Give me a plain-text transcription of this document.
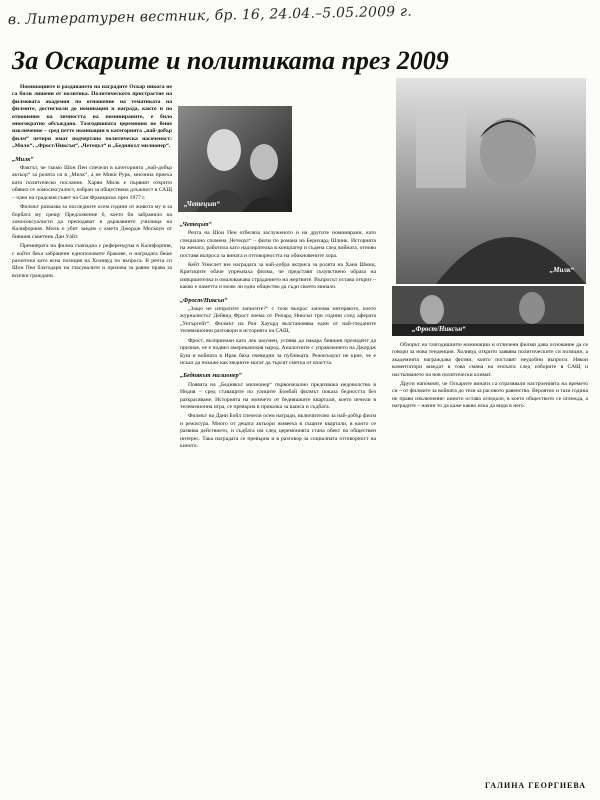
в. Литературен вестник, бр. 16, 24.04.–5.05.2009 г.
За Оскарите и политиката през 2009
„Четецът“
„Милк“
„Фрост/Никсън“

Номинациите и раздаването на наградите Оскар никога не са били лишени от политика. Политическото пристрастие на филмовата академия по отношение на тематиката на филмите, достигнали до номинация и награда, както и по отношение на личността на номинираните, е било многократно обсъждано. Тазгодишната церемония не беше изключение – сред петте номинации в категорията „най-добър филм“ четири имат подчертано политическа насоченост: „Милк“, „Фрост/Никсън“, „Четецът“ и „Беднякът милионер“.

„Милк“

Фактът, че тъкмо Шон Пен спечели в категорията „най-добър актьор“ за ролята си в „Милк“, а не Мики Рурк, мнозина приеха като политическо послание. Харви Милк е първият открито обявил се хомосексуалист, избран за обществена длъжност в САЩ – член на градския съвет на Сан Франциско през 1977 г.

Филмът разказва за последните осем години от живота му и за борбата му срещу Предложение 6, което би забранило на хомосексуалисти да преподават в държавните училища на Калифорния. Милк е убит заедно с кмета Джордж Москоун от бившия съветник Дан Уайт.

Премиерата на филма съвпадна с референдума в Калифорния, с който бяха забранени еднополовите бракове, и наградата беше разчетена като ясна позиция на Холивуд по въпроса. В речта си Шон Пен благодари на гласувалите и призова за равни права за всички граждани.

„Четецът“

Речта на Шон Пен отбеляза заслуженото и на другите номинирани, като специално спомена „Четецът“ – филм по романа на Бернхард Шлинк. Историята на жената, работила като надзирателка в концлагер и съдена след войната, отново поставя въпроса за вината и отговорността на обикновените хора.

Кейт Уинслет взе наградата за най-добра актриса за ролята на Хана Шмиц. Критиците обаче упрекнаха филма, че представя съчувствено образа на извършителка и омаловажава страданието на жертвите. Въпросът остава открит – какво е паметта и може ли едно общество да съди своето минало.

„Фрост/Никсън“

„Защо не изпратите записите?“ с този въпрос започва интервюто, което журналистът Дейвид Фрост взема от Ричард Никсън три години след аферата „Уотъргейт“. Филмът на Рон Хауърд възстановява един от най-гледаните телевизионни разговори в историята на САЩ.

Фрост, възприеман като лек шоумен, успява да накара бившия президент да признае, че е подвел американския народ. Аналогиите с управлението на Джордж Буш и войната в Ирак бяха очевидни за публиката. Режисьорът не крие, че е искал да покаже как медиите могат да търсят сметка от властта.

„Беднякът милионер“

Появата на „Беднякът милионер“ първоначално предизвика недоволство в Индия – сред ставащите по улиците Бомбай филмът показа бедността без разкрасяване. Историята на момчето от бедняшките квартали, което печели в телевизионна игра, се превърна в приказка за шанса и съдбата.

Филмът на Дани Бойл спечели осем награди, включително за най-добър филм и режисура. Много от децата актьори живееха в същите квартали, в които се развива действието, и съдбата им след церемонията стана обект на обществен интерес. Така наградата се превърна и в разговор за социалната отговорност на киното.

Обзорът на тазгодишните номинации и отличени филми дава основание да се говори за нова тенденция. Холивуд открито заявява политическите си позиции, а академията награждава филми, които поставят неудобни въпроси. Някои коментатори виждат в това смяна на епохата след изборите в САЩ и настъпването на нов политически климат.

Други напомнят, че Оскарите винаги са отразявали настроенията на времето си – от филмите за войната до тези за расовото равенство. Вероятно и тази година не прави изключение: киното остава огледало, в което обществото се оглежда, а наградите – начин то да каже какво иска да види в него.

ГАЛИНА ГЕОРГИЕВА
